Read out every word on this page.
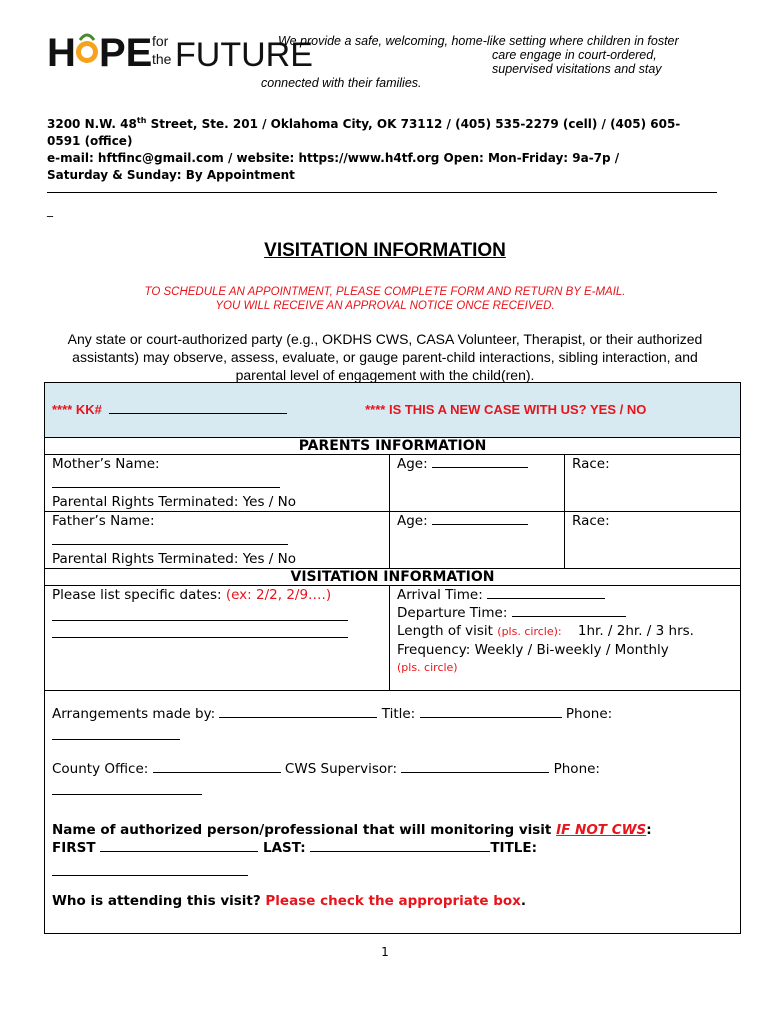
H PE for
the FUTURE
We provide a safe, welcoming, home-like setting where children in foster
care engage in court-ordered,
supervised visitations and stay
connected with their families.
3200 N.W. 48th Street, Ste. 201 / Oklahoma City, OK 73112 / (405) 535-2279 (cell) / (405) 605-
0591 (office)
e-mail: hftfinc@gmail.com / website: https://www.h4tf.org Open: Mon-Friday: 9a-7p /
Saturday & Sunday: By Appointment
_
VISITATION INFORMATION
TO SCHEDULE AN APPOINTMENT, PLEASE COMPLETE FORM AND RETURN BY E-MAIL.
YOU WILL RECEIVE AN APPROVAL NOTICE ONCE RECEIVED.
Any state or court-authorized party (e.g., OKDHS CWS, CASA Volunteer, Therapist, or their authorized assistants) may observe, assess, evaluate, or gauge parent-child interactions, sibling interaction, and parental level of engagement with the child(ren).
**** KK# **** IS THIS A NEW CASE WITH US? YES / NO		
PARENTS INFORMATION		

Mother’s Name:
Parental Rights Terminated: Yes / No	Age:	Race:

Father’s Name:
Parental Rights Terminated: Yes / No	Age:	Race:
VISITATION INFORMATION		

Please list specific dates: (ex: 2/2, 2/9….)	Arrival Time:
Departure Time:
Length of visit (pls. circle): 1hr. / 2hr. / 3 hrs.
Frequency: Weekly / Bi-weekly / Monthly
(pls. circle)	

Arrangements made by: Title: Phone:
County Office: CWS Supervisor: Phone:
Name of authorized person/professional that will monitoring visit IF NOT CWS:
FIRST LAST: TITLE:
Who is attending this visit? Please check the appropriate box.		
1
